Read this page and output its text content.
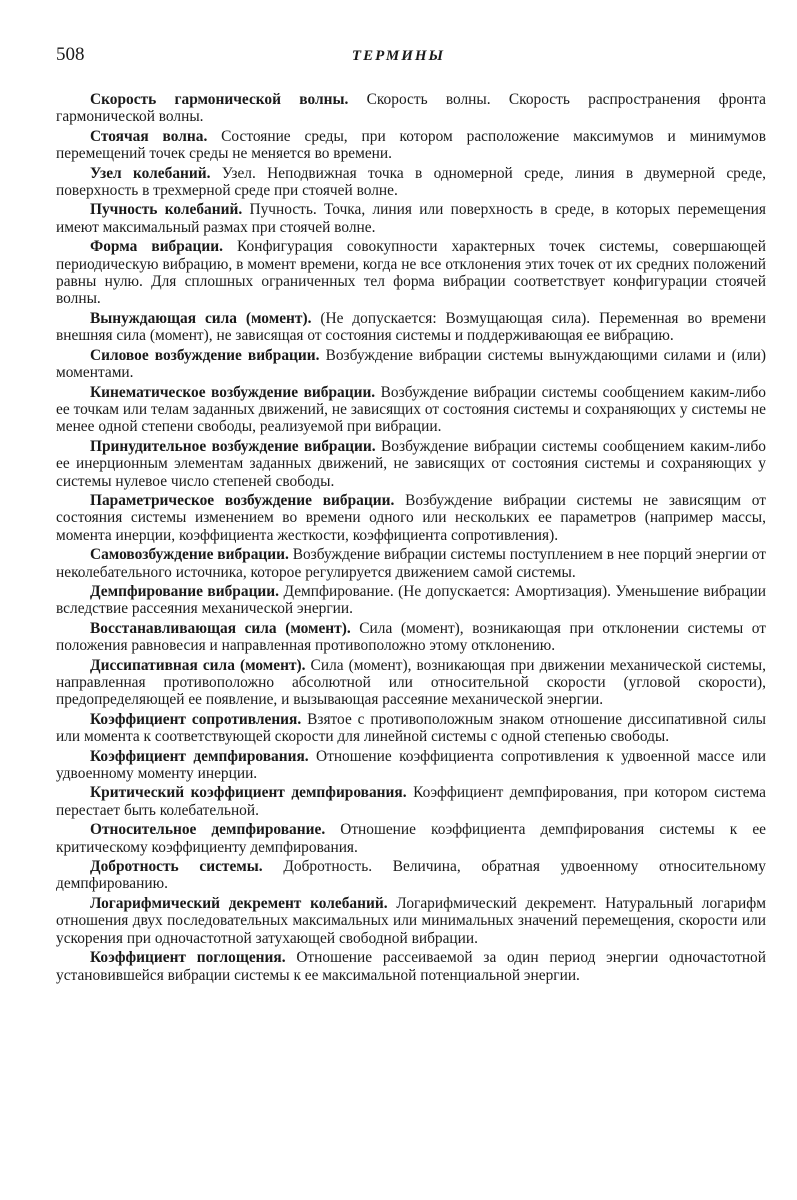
508	ТЕРМИНЫ

Скорость гармонической волны. Скорость волны. Скорость распространения фронта гармонической волны.

Стоячая волна. Состояние среды, при котором расположение максимумов и минимумов перемещений точек среды не меняется во времени.

Узел колебаний. Узел. Неподвижная точка в одномерной среде, линия в двумерной среде, поверхность в трехмерной среде при стоячей волне.

Пучность колебаний. Пучность. Точка, линия или поверхность в среде, в которых перемещения имеют максимальный размах при стоячей волне.

Форма вибрации. Конфигурация совокупности характерных точек системы, совершающей периодическую вибрацию, в момент времени, когда не все отклонения этих точек от их средних положений равны нулю. Для сплошных ограниченных тел форма вибрации соответствует конфигурации стоячей волны.

Вынуждающая сила (момент). (Не допускается: Возмущающая сила). Переменная во времени внешняя сила (момент), не зависящая от состояния системы и поддерживающая ее вибрацию.

Силовое возбуждение вибрации. Возбуждение вибрации системы вынуждающими силами и (или) моментами.

Кинематическое возбуждение вибрации. Возбуждение вибрации системы сообщением каким-либо ее точкам или телам заданных движений, не зависящих от состояния системы и сохраняющих у системы не менее одной степени свободы, реализуемой при вибрации.

Принудительное возбуждение вибрации. Возбуждение вибрации системы сообщением каким-либо ее инерционным элементам заданных движений, не зависящих от состояния системы и сохраняющих у системы нулевое число степеней свободы.

Параметрическое возбуждение вибрации. Возбуждение вибрации системы не зависящим от состояния системы изменением во времени одного или нескольких ее параметров (например массы, момента инерции, коэффициента жесткости, коэффициента сопротивления).

Самовозбуждение вибрации. Возбуждение вибрации системы поступлением в нее порций энергии от неколебательного источника, которое регулируется движением самой системы.

Демпфирование вибрации. Демпфирование. (Не допускается: Амортизация). Уменьшение вибрации вследствие рассеяния механической энергии.

Восстанавливающая сила (момент). Сила (момент), возникающая при отклонении системы от положения равновесия и направленная противоположно этому отклонению.

Диссипативная сила (момент). Сила (момент), возникающая при движении механической системы, направленная противоположно абсолютной или относительной скорости (угловой скорости), предопределяющей ее появление, и вызывающая рассеяние механической энергии.

Коэффициент сопротивления. Взятое с противоположным знаком отношение диссипативной силы или момента к соответствующей скорости для линейной системы с одной степенью свободы.

Коэффициент демпфирования. Отношение коэффициента сопротивления к удвоенной массе или удвоенному моменту инерции.

Критический коэффициент демпфирования. Коэффициент демпфирования, при котором система перестает быть колебательной.

Относительное демпфирование. Отношение коэффициента демпфирования системы к ее критическому коэффициенту демпфирования.

Добротность системы. Добротность. Величина, обратная удвоенному относительному демпфированию.

Логарифмический декремент колебаний. Логарифмический декремент. Натуральный логарифм отношения двух последовательных максимальных или минимальных значений перемещения, скорости или ускорения при одночастотной затухающей свободной вибрации.

Коэффициент поглощения. Отношение рассеиваемой за один период энергии одночастотной установившейся вибрации системы к ее максимальной потенциальной энергии.
